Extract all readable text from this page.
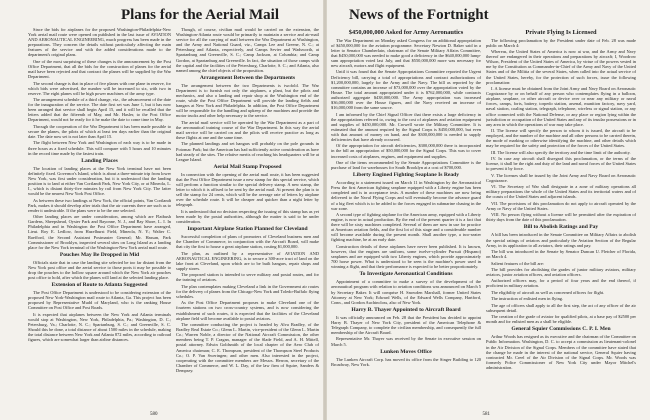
Plans for the Aerial Mail

Since the bids for airplanes for the proposed Washington-Philadelphia-New York aerial mail route were opened on published in the last issue of AVIATION AND AERONAUTICAL ENGINEERING, much progress has been made in the preparations. They concern the details without particularly affecting the main features of the service and with the added considerations made to the department's original plans.

One of the most surprising of these changes is the announcement by the Post Office Department, that all the bids for the construction of planes for the aerial mail have been rejected and that contract the planes will be supplied by the War Department.

The second change is that in place of five planes with one plane in reserve, for which bids were advertised, the number will be increased to six, with two in reserve. The eight planes will be high power machines of the army type.

The arrangement schedule of a third change, viz., the advancement of the date for the inauguration of the service. The date first set was June 1, but it has now been arranged that service shall begin April 15, and it will be recalled that the letters added that the fifteenth of May, and Mr. Hasler, to the Post Office Department, would not be ready for it he make the date to come time in May.

Through the cooperation of the War Department it has been made possible to secure the planes, the pilots of which at least ten days earlier than the original date. The date now set is not later than April 15.

The flight between New York and Washington of each way is to be made in three hours as a fixed schedule. This will compare with 5 hours and 10 minutes in the record time made by the fastest train.

Landing Places

The location of landing places at the New York terminal have not been definitely fixed. Governor's Island, which is about a three-minute trip from lower New York, was first under consideration, but it is understood that the landing position is to land at either Van Cortlandt Park, New York City, or at Mineola, L. I., which is distant thirty-five minutes by rail from New York City. The latter would be the nearest New York Post Office.

As between these two landings at New York, the official points, Van Cortlandt Park, makes it should develop after trials that the air currents there are such as to render it undesirable. If the plans were to be the one selected.

Other landing places are under consideration, among which are Flatbush Gardens, Sheepshead, Oyster Park and Bayonne, N. J., and Bay Shore, L. I. In Philadelphia and in Washington the Post Office Department have arranged, Lieut. Roy E. Ledlow, from Hazelhurst Field, Mineola, N. Y.; Walter C. Raefford, the Second Assistant Postmaster General; Mr. Hassan, Park Commissioner of Brooklyn, inspected several sites on Long Island as a landing place for the New York terminal of the Washington-New York aerial mail route.

Pouches May Be Dropped in Mid

Officials state that in case the landing site selected be too far distant from the New York post office and the aerial service to those ports it may be possible to drop the pouches to the hollow square around which the New York air pouches post office to hold, after which the planes will land at the selected landing place.

Extension of Route to Atlanta Suggested

The Post Office Department is understood to be considering extension of the proposed New York-Washington mail route to Atlanta, Ga. This project has been proposed by Representative Mudd of Maryland, who is the ranking House Committee on Post Office and Post Roads.

It is expected that airplanes between the New York and Atlanta terminals would stop at Washington, New York, Philadelphia, Pa.; Washington, D. C.; Petersburg, Va.; Charlotte, N. C.; Spartanburg, S. C.; and Greenville, S. C. Should this be done, a total distance of about 1500 miles in the schedule, making the total distance between New York and Atlanta 872 miles, according to railroad figures, which are somewhat larger than airline distances.

Though, of course, civilian mail would be carried on the extension, the Washington-Atlanta route would be primarily to maintain a service and air-mail service for all the carrying of mail between the War Department at Washington, and the Army and National Guard, viz., Camps Lee and Greene, N. C.; at Petersburg and Atlanta, respectively, and Camps Sevier and Wadsworth, at Spartanburg and Greenville, S. C.; Camp Jackson, at Columbia; and Camp Gordon, at Spartanburg and Greenville. In fact, the situation of those camps with the capital and the facilities of the Petersburg, Charlotte, S. C.; and Atlanta, also named among the chief objects of the proposition.

Arrangement Between the Departments

The arrangement between the two Departments is twofold. The War Department is to furnish not only the airplanes, a plant, but the pilots and mechanics, and also a landing and repair shop at the Washington end of the route, while the Post Office Department will provide the landing fields and hangars at New York and Philadelphia. In addition, the Post Office Department will be responsible for the handling and upkeep of the machines and provide the motor trucks and other help necessary to the service.

The aerial mail service will be operated by the War Department as a part of the aeronautical training course of the War Department. In this way the aerial mail service will be carried on and the pilots will receive practice as long as these flights at one and the same time.

The planned landings and set hangars will probably on the pole grounds in Potomac Park; but the American has had sufficiently active consideration as have had steady of the sites. The relative merits of reaching his headquarters will be at League Island.

Aerial Mail Stamp Proposed

In connection with the opening of the aerial mail route, it has been suggested that the Post Office Department issue a new stamp for this special service, which will perform a function similar to the special delivery stamp. A new stamp, the letter to which it is affixed to be sent by the aerial mail. At present the plan is to sell the stamp for 24 cents, which will be the average rate of letters by airplane over the schedule route. It will be cheaper and quicker than a night letter by telegraph.

It is understood that no decision respecting the issuing of this stamp has as yet been made by the postal authorities, although the matter is said to be under consideration.

Important Airplane Station Planned for Cleveland

Successful completion of plans of promoters of Cleveland business men and the Chamber of Commerce, in conjunction with the Aircraft Board, will make that city the first to house a great airplane station, costing $1,000,000.

The plan, as outlined by a representative of AVIATION AND AERONAUTICAL ENGINEERING, is to secure a 300-acre tract of land on the lake front at Cleveland, upon which are to be built hangars, repair shops and supply stores.

The proposed station is intended to serve military and postal routes, and for the training of aviators.

The plan contemplates making Cleveland a link in the Government air routes for the delivery of planes from the Chicago-New York and Toledo-Buffalo flying schedules.

As the Post Office Department proposes to make Cleveland one of the fourteen stations on two cross-country systems, and is now considering the establishment of such routes, it is expected that the facilities of the Cleveland airplane field will become available to postal aviators.

The committee conducting the project is headed by Alva Bradley, of the Bradley Real Estate Co.; Glenn L. Martin, vice-president of the Glenn L. Martin Co.; Warren Noble, a director of the National Aircraft Commission, the other members being T. P. Cragan, manager of the Slade Field, and A. H. Mittell, postal attorney. Edwin Goldsmith of the local chapter of the Aero Club of America chairman; C. E. Thompson, president of the Thompson Steel Products Co.; O. P. Van Sweringen; and other men. Also interested in the project, cooperating with the committee members are Messrs. Herron, secretary of the Chamber of Commerce, and W. L. Day, of the law firm of Squire, Sanders & Dempsey.

580
News of the Fortnight

$450,000,000 Asked for Army Aeronautics

The War Department on Monday asked Congress for an additional appropriation of $450,000,000 for the aviation programme. Secretary Newton D. Baker said in a letter to Senator Chamberlain, chairman of the Senate Military Affairs Committee, that $450,000,000 was needed to make good a deficiency in the $640,000,000 lump-sum appropriation voted last July, and that $550,000,000 more was necessary for new aircraft, motors and flight equipment.

Until it was found that the Senate Appropriations Committee reported the Urgent Deficiency bill, carrying a total of appropriations and contract authorizations of $1,200,000,000, largely for the Army and the Navy. The bill as reported by the committee contains an increase of $73,000,000 over the appropriation voted by the House. The total amount appropriated under it is $762,000,000, while contracts authorized aggregate $438,000,000. The Army appropriation was increased $36,000,000 over the House figures, and the Navy received an increase of $16,000,000 from the same source.

I am informed by the Chief Signal Officer that there exists a large deficiency in the appropriations referred to, owing to the cost of airplanes and aviation equipment and supplies of $450,000,000. Mr. Crowell wrote the Military Committee. It is estimated that the amount required by the Signal Corps is $450,000,000, but even with that amount of money on hand, and the $300,000,000 is needed to supply deficiencies that have already occurred.

Of the appropriation for aircraft deficiencies, $300,000,000 there is incorporated in the bill an appropriation of $50,000,000 for the Signal Corps. This was to cover increased costs of airplanes, engines, and equipment and supplies.

One of the items recommended by the Senate Appropriations Committee is the purchase of land for warehouses for South Brooklyn at a cost of $700,000.

Liberty Engined Fighting Seaplane Is Ready

According to a statement issued on March 11 in Washington by the Aeronautical Press the first American fighting seaplane equipped with a Liberty engine has been completed and is in acceptance tests. A number of these machines are now being delivered to the Naval Flying Corps and will eventually become the advance guard of a big fleet which is to be added to the forces engaged in submarine chasing in the war zone.

A second type of fighting airplane for the American army, equipped with a Liberty engine, is now in actual production. By the end of the present quarter it is a fact that there will be sixty machines completed. Several of them are now in use for practice at American aviation fields, and the first lot of this stage and a considerable number will become available during the present month. Shall another type, a two-seater fighting machine, be at an early date.

Construction details of these airplanes have never been published. It is known, however, that the engines are uniform, some twelve-cylinder Pursuit (Hispano) seaplanes and are equipped with two Liberty engines, which provide approximately 700 horse power. What is understood to be seen is the machine's power used in winning a flight, and that their performance is expected to be better proportionately.

To Investigate Aeronautical Conditions

Appointment of a committee to make a survey of the development of the aeronautical program with relation to aviation conditions was announced on March 5 by Secretary Baker. It will comprise H. Snowden Marshall, former United States Attorney at New York; Edward Wells, of the Edward Wells Company, Hartford, Conn., and Gordon Auchincloss, also of New York.

Harry B. Thayer Appointed to Aircraft Board

It was officially announced on Feb. 28 that the President has decided to appoint Harry B. Thayer of New York City, president of the American Telephone & Telegraph Company, to complete the civilian membership, and consequently the full membership of the Aircraft Board.

Representative Mr. Thayer was received by the Senate in executive session on March 5.

Lunken Moves Office

The Lunken Aircraft Corp. has moved its office from the Singer Building to 120 Broadway, New York.

Private Flying Is Licensed

The following proclamation by the President under date of Feb. 28 was made public on March 4:

Whereas, the United States of America is now at war, and the Army and Navy thereof are endangered in their operations and preparations by aircraft; I, Woodrow Wilson, President of the United States of America, by virtue of the powers vested in me by the Constitution as Commander-in-Chief of the Army and Navy of the United States and of the Militia of the several States, when called into the actual service of the United States, hereby, for the protection of such forces, issue the following proclamation:

I. A license must be obtained from the Joint Army and Navy Board on Aeronautic Cognizance by or on behalf of any person who contemplates flying in a balloon, airplane, seaplane, or other aircraft or device over or near any military or naval forces, camps, forts, battery, torpedo station, arsenal, munition factory, navy yard, naval station, coaling station, telegraph, telephone, wireless or signal station, or any office connected with the National Defense, or any place or region lying within the jurisdiction or occupation of the United States and any of its insular possessions or in any area in which the operations of war may take place.

II. The license will specify the person to whom it is issued, the aircraft to be employed, and the number of the machine and all other persons to be carried therein, the mode of marking or otherwise identifying the machine, and other details which may be required for the safety and protection of the forces of the United States.

III. The license will also specify the territory and the time limit of the authority.

IV. In case any aircraft shall disregard this proclamation, or the terms of the license, it shall be the right and duty of the land and naval forces of the United States to prevent it by force.

V. The licenses shall be issued by the Joint Army and Navy Board on Aeronautic Cognizance.

VI. The Secretary of War shall designate in a zone of military operations all military preparations the whole of the United States and its territorial waters and of the coasts of the United States and adjacent islands.

VII. The provisions of this proclamation do not apply to aircraft operated by the Army or Navy of the United States.

VIII. No person flying without a license will be permitted after the expiration of thirty days from the date of this proclamation.

Bill to Abolish Ratings and Pay

A bill has been introduced in the Senate Committee on Military Affairs to abolish the special ratings of aviators and particularly the Aviation Section of the Regular Army, in its application to all aviators, their ratings and pay.

The bill was introduced in the Senate by Senator Duncan U. Fletcher of Florida, on March 4.

Salient features of the bill are:

The bill provides for abolishing the grades of junior military aviators, military aviators, junior aviation officers, and aviation officers.

Authorized officers may, for a period of four years and the end thereof, if proficient in military aviation.

The eligibility of aircraft as well as concerned officers for flight.

The instruction of enlisted men in flying.

The age of officers shall apply to all the first step, the act of any officer of the air subsequent detail.

The creation of the grade of aviator for qualified pilots, at a base pay of $2500 per month and for enlisted men as a shall be eligible.

General Squier Commissions C. P. I. Men

Arthur Woods has resigned as its executive and the chairman of the Committee on Public Information. Washington, D. C. to accept a commission as lieutenant-colonel in the Air Division of the Signal Corps. Members of the committee have stated that the change he made in the interest of the national service, General Squier having contracted Mr. Creel of the Air Division of the Signal Corps. Mr. Woods was formerly Police Commissioner of New York City under Mayor Mitchel's administration.

581
